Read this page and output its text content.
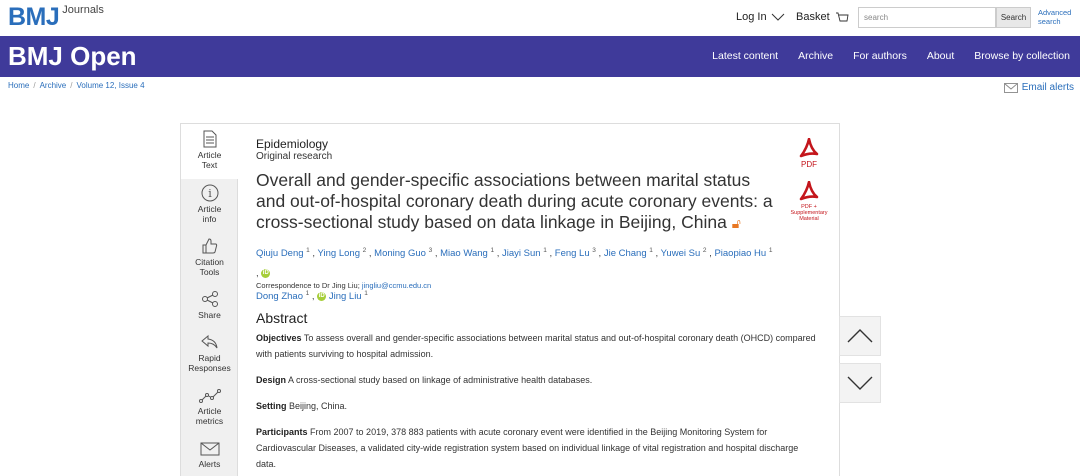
BMJ Journals
Log In	Basket
search	Search
Advanced search
BMJ Open	Latest content Archive For authors About Browse by collection
Home / Archive / Volume 12, Issue 4	Email alerts
Article
Text
i
Article
info
Citation
Tools
Share
Rapid
Responses
Article
metrics
Alerts
Epidemiology
Original research
Overall and gender-specific associations between marital status and out-of-hospital coronary death during acute coronary events: a cross-sectional study based on data linkage in Beijing, China 🔓︎
Qiuju Deng $^1$ , Ying Long $^2$ , Moning Guo $^3$ , Miao Wang $^1$ , Jiayi Sun $^1$ , Feng Lu $^3$ , Jie Chang $^1$ , Yuwei Su $^2$ , Piaopiao Hu $^1$ , iD
Dong Zhao $^1$ , iD Jing Liu $^1$
Correspondence to Dr Jing Liu; jingliu@ccmu.edu.cn
Abstract

Objectives To assess overall and gender-specific associations between marital status and out-of-hospital coronary death (OHCD) compared with patients surviving to hospital admission.

Design A cross-sectional study based on linkage of administrative health databases.

Setting Beijing, China.

Participants From 2007 to 2019, 378 883 patients with acute coronary event were identified in the Beijing Monitoring System for Cardiovascular Diseases, a validated city-wide registration system based on individual linkage of vital registration and hospital discharge data.

PDF
PDF +
Supplementary
Material
